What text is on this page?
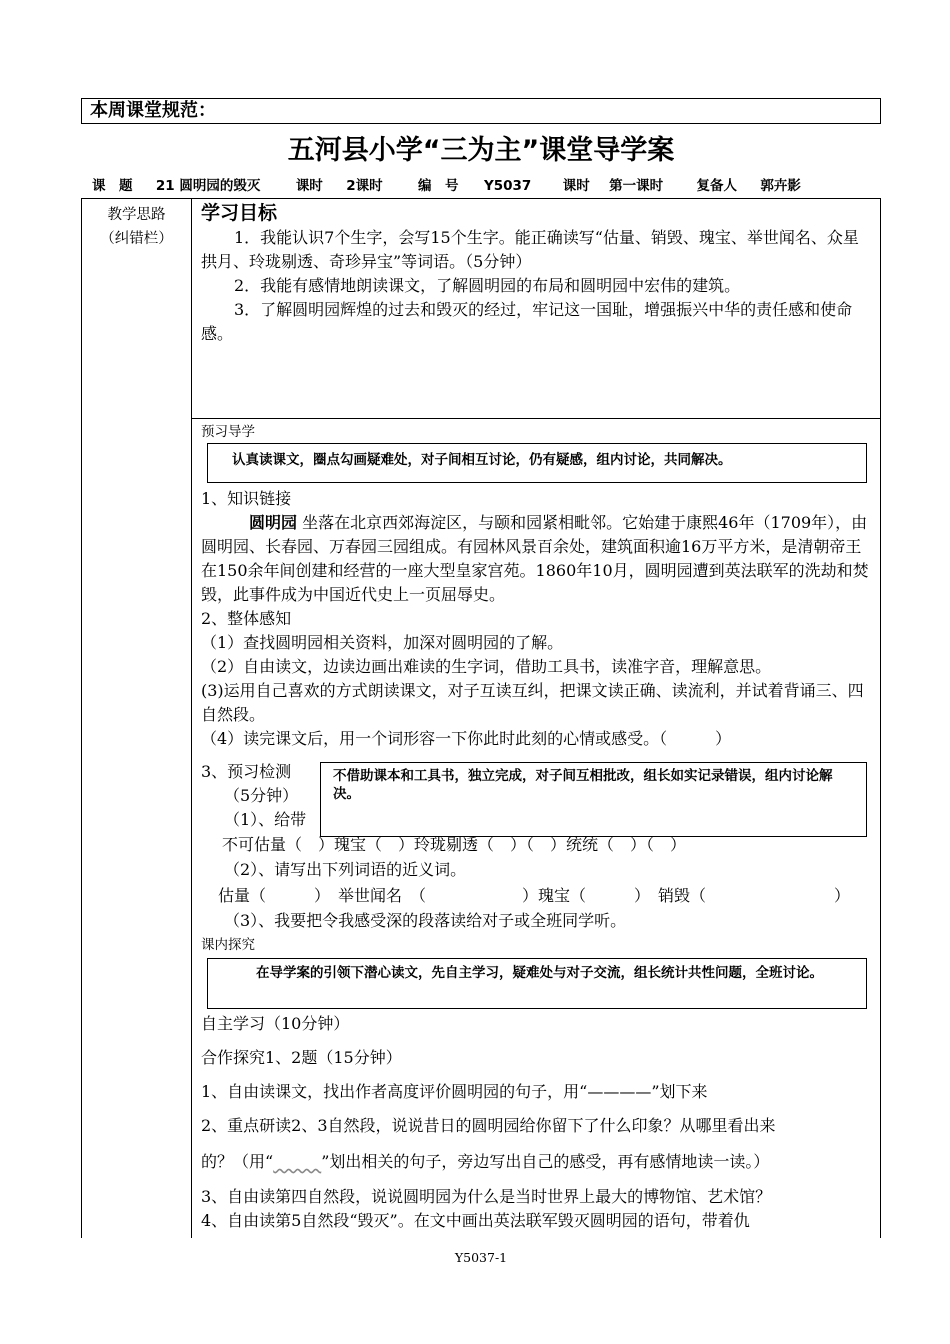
本周课堂规范：
五河县小学“三为主”课堂导学案
课　题 21 圆明园的毁灭	课时 2课时	编　号 Y5037 课时 第一课时 复备人 郭卉影
教学思路
（纠错栏）
学习目标
1．我能认识7个生字，会写15个生字。能正确读写“估量、销毁、瑰宝、举世闻名、众星拱月、玲珑剔透、奇珍异宝”等词语。（5分钟）
2．我能有感情地朗读课文，了解圆明园的布局和圆明园中宏伟的建筑。
3．了解圆明园辉煌的过去和毁灭的经过，牢记这一国耻，增强振兴中华的责任感和使命感。
预习导学
认真读课文，圈点勾画疑难处，对子间相互讨论，仍有疑感，组内讨论，共同解决。
1、知识链接
圆明园 坐落在北京西郊海淀区，与颐和园紧相毗邻。它始建于康熙46年（1709年），由圆明园、长春园、万春园三园组成。有园林风景百余处，建筑面积逾16万平方米，是清朝帝王在150余年间创建和经营的一座大型皇家宫苑。1860年10月，圆明园遭到英法联军的洗劫和焚毁，此事件成为中国近代史上一页屈辱史。
2、整体感知
（1）查找圆明园相关资料，加深对圆明园的了解。
（2）自由读文，边读边画出难读的生字词，借助工具书，读准字音，理解意思。
(3)运用自己喜欢的方式朗读课文，对子互读互纠，把课文读正确、读流利，并试着背诵三、四自然段。
（4）读完课文后，用一个词形容一下你此时此刻的心情或感受。（　　　）
3、预习检测
（5分钟）
（1）、给带
不借助课本和工具书，独立完成，对子间互相批改，组长如实记录错误，组内讨论解决。
不可估量（　）瑰宝（　）玲珑剔透（　）（　）统统（　）（　）
（2）、请写出下列词语的近义词。
估量（　　　）　举世闻名　（　　　　　　）瑰宝（　　　）　销毁（　　　　　　　　）
（3）、我要把令我感受深的段落读给对子或全班同学听。
课内探究
在导学案的引领下潜心读文，先自主学习，疑难处与对子交流，组长统计共性问题，全班讨论。
自主学习（10分钟）
合作探究1、2题（15分钟）
1、自由读课文，找出作者高度评价圆明园的句子，用“————”划下来
2、重点研读2、3自然段，说说昔日的圆明园给你留下了什么印象？从哪里看出来
的？（用“　　　	”划出相关的句子，旁边写出自己的感受，再有感情地读一读。）
3、自由读第四自然段，说说圆明园为什么是当时世界上最大的博物馆、艺术馆？
4、自由读第5自然段“毁灭”。在文中画出英法联军毁灭圆明园的语句，带着仇
Y5037-1
